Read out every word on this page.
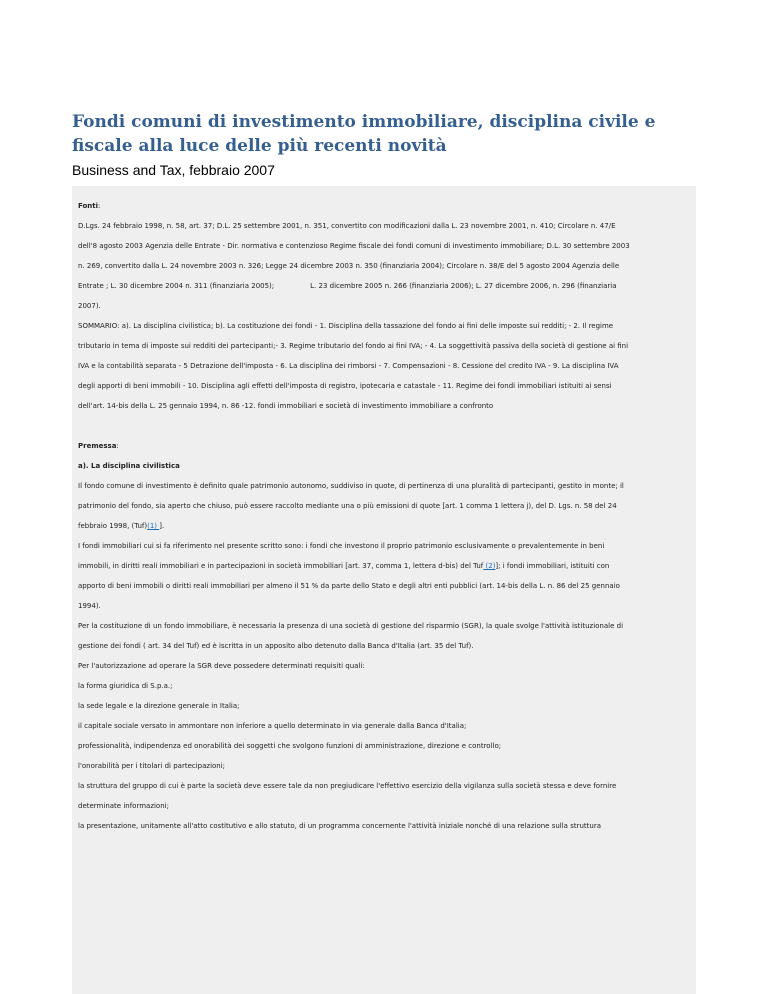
Fondi comuni di investimento immobiliare, disciplina civile e fiscale alla luce delle più recenti novità

Business and Tax, febbraio 2007

Fonti:

D.Lgs. 24 febbraio 1998, n. 58, art. 37; D.L. 25 settembre 2001, n. 351, convertito con modificazioni dalla L. 23 novembre 2001, n. 410; Circolare n. 47/E

dell'8 agosto 2003 Agenzia delle Entrate - Dir. normativa e contenzioso Regime fiscale dei fondi comuni di investimento immobiliare; D.L. 30 settembre 2003

n. 269, convertito dalla L. 24 novembre 2003 n. 326; Legge 24 dicembre 2003 n. 350 (finanziaria 2004); Circolare n. 38/E del 5 agosto 2004 Agenzia delle

Entrate ; L. 30 dicembre 2004 n. 311 (finanziaria 2005);	L. 23 dicembre 2005 n. 266 (finanziaria 2006); L. 27 dicembre 2006, n. 296 (finanziaria

2007).

SOMMARIO: a). La disciplina civilistica; b). La costituzione dei fondi - 1. Disciplina della tassazione del fondo ai fini delle imposte sui redditi; - 2. Il regime

tributario in tema di imposte sui redditi dei partecipanti;- 3. Regime tributario del fondo ai fini IVA; - 4. La soggettività passiva della società di gestione ai fini

IVA e la contabilità separata - 5 Detrazione dell'imposta - 6. La disciplina dei rimborsi - 7. Compensazioni - 8. Cessione del credito IVA - 9. La disciplina IVA

degli apporti di beni immobili - 10. Disciplina agli effetti dell'imposta di registro, ipotecaria e catastale - 11. Regime dei fondi immobiliari istituiti ai sensi

dell'art. 14-bis della L. 25 gennaio 1994, n. 86 -12. fondi immobiliari e società di investimento immobiliare a confronto

Premessa:

a). La disciplina civilistica

Il fondo comune di investimento è definito quale patrimonio autonomo, suddiviso in quote, di pertinenza di una pluralità di partecipanti, gestito in monte; il

patrimonio del fondo, sia aperto che chiuso, può essere raccolto mediante una o più emissioni di quote [art. 1 comma 1 lettera j), del D. Lgs. n. 58 del 24

febbraio 1998, (Tuf)(1) ].

I fondi immobiliari cui si fa riferimento nel presente scritto sono: i fondi che investono il proprio patrimonio esclusivamente o prevalentemente in beni

immobili, in diritti reali immobiliari e in partecipazioni in società immobiliari [art. 37, comma 1, lettera d-bis) del Tuf (2)]; i fondi immobiliari, istituiti con

apporto di beni immobili o diritti reali immobiliari per almeno il 51 % da parte dello Stato e degli altri enti pubblici (art. 14-bis della L. n. 86 del 25 gennaio

1994).

Per la costituzione di un fondo immobiliare, è necessaria la presenza di una società di gestione del risparmio (SGR), la quale svolge l'attività istituzionale di

gestione dei fondi ( art. 34 del Tuf) ed è iscritta in un apposito albo detenuto dalla Banca d'Italia (art. 35 del Tuf).

Per l'autorizzazione ad operare la SGR deve possedere determinati requisiti quali:

la forma giuridica di S.p.a.;

la sede legale e la direzione generale in Italia;

il capitale sociale versato in ammontare non inferiore a quello determinato in via generale dalla Banca d'Italia;

professionalità, indipendenza ed onorabilità dei soggetti che svolgono funzioni di amministrazione, direzione e controllo;

l'onorabilità per i titolari di partecipazioni;

la struttura del gruppo di cui è parte la società deve essere tale da non pregiudicare l'effettivo esercizio della vigilanza sulla società stessa e deve fornire

determinate informazioni;

la presentazione, unitamente all'atto costitutivo e allo statuto, di un programma concernente l'attività iniziale nonché di una relazione sulla struttura
